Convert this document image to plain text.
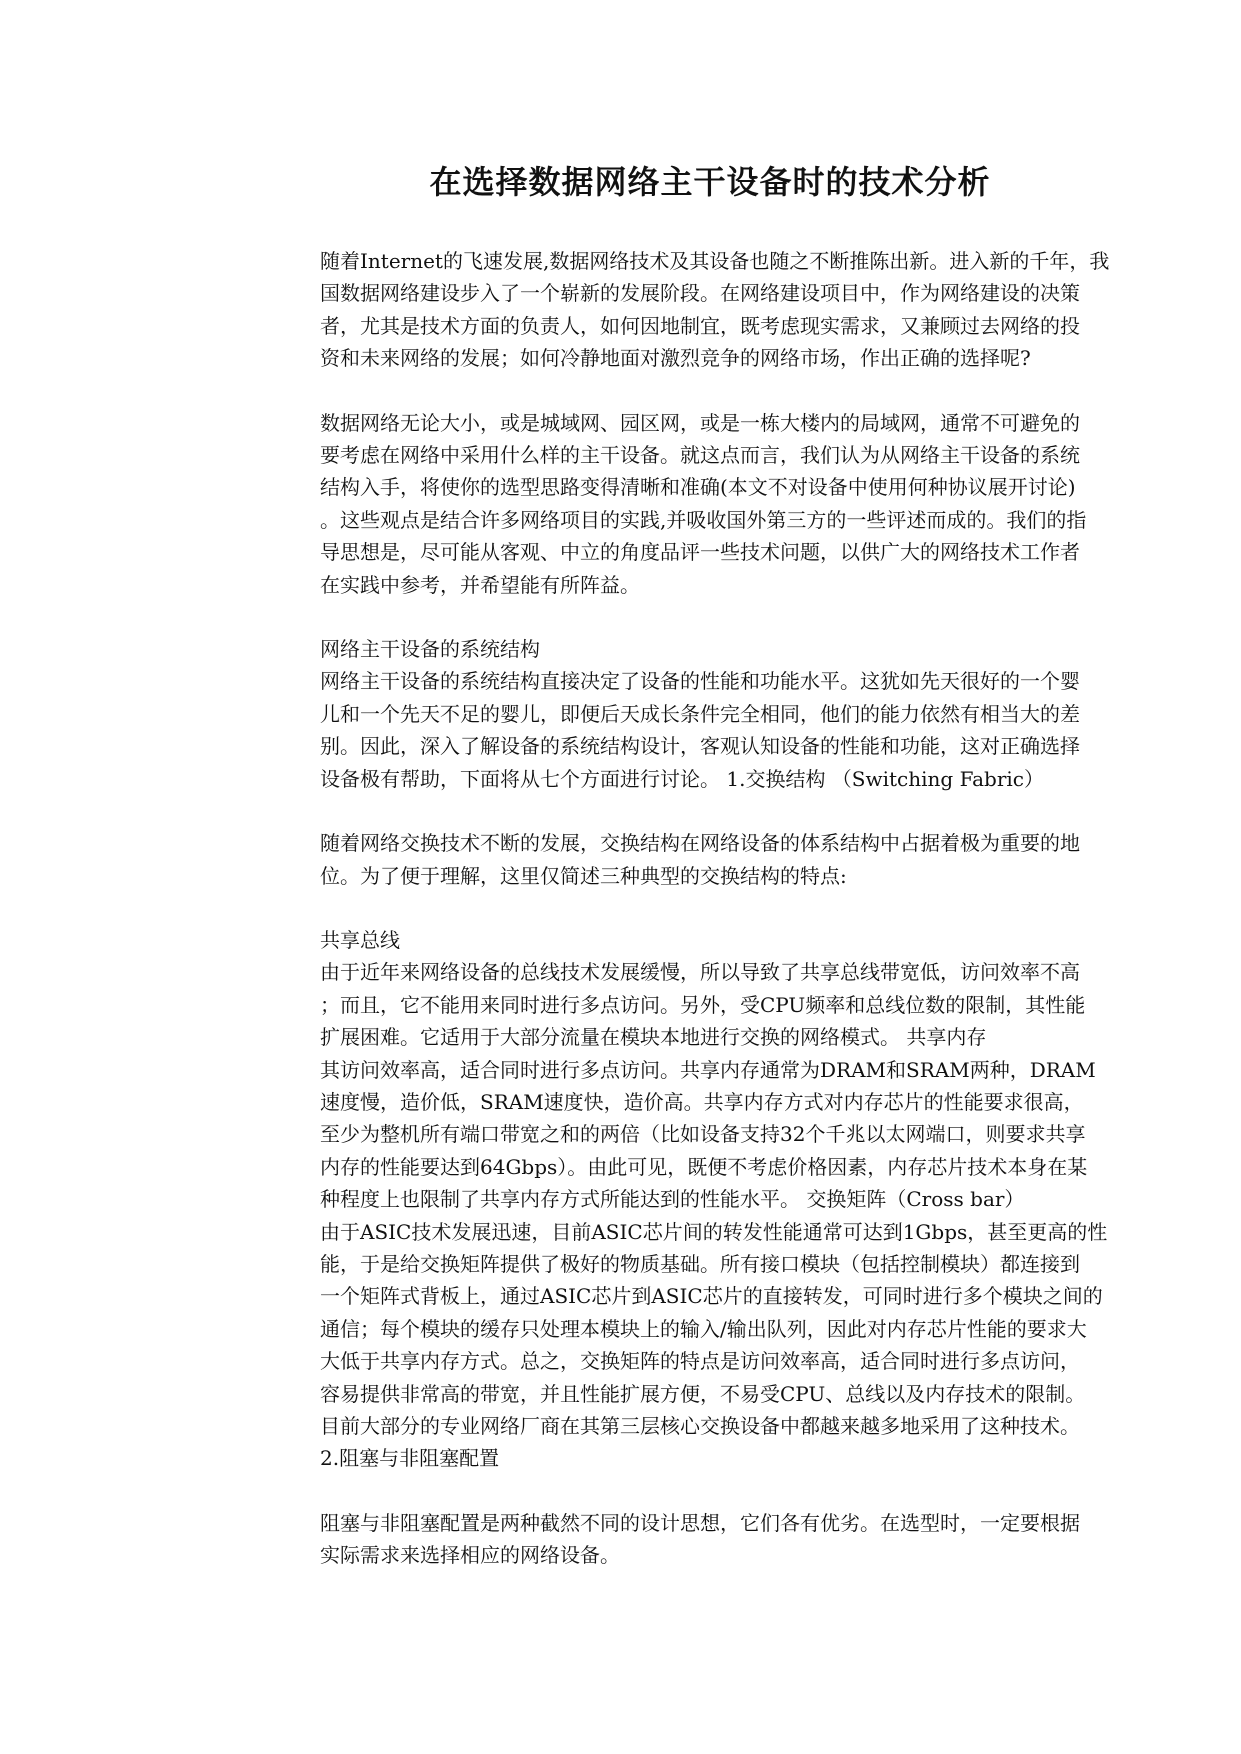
在选择数据网络主干设备时的技术分析

随着Internet的飞速发展,数据网络技术及其设备也随之不断推陈出新。进入新的千年，我
国数据网络建设步入了一个崭新的发展阶段。在网络建设项目中，作为网络建设的决策
者，尤其是技术方面的负责人，如何因地制宜，既考虑现实需求，又兼顾过去网络的投
资和未来网络的发展；如何冷静地面对激烈竞争的网络市场，作出正确的选择呢?

数据网络无论大小，或是城域网、园区网，或是一栋大楼内的局域网，通常不可避免的
要考虑在网络中采用什么样的主干设备。就这点而言，我们认为从网络主干设备的系统
结构入手，将使你的选型思路变得清晰和准确(本文不对设备中使用何种协议展开讨论)
。这些观点是结合许多网络项目的实践,并吸收国外第三方的一些评述而成的。我们的指
导思想是，尽可能从客观、中立的角度品评一些技术问题，以供广大的网络技术工作者
在实践中参考，并希望能有所阵益。

网络主干设备的系统结构
网络主干设备的系统结构直接决定了设备的性能和功能水平。这犹如先天很好的一个婴
儿和一个先天不足的婴儿，即便后天成长条件完全相同，他们的能力依然有相当大的差
别。因此，深入了解设备的系统结构设计，客观认知设备的性能和功能，这对正确选择
设备极有帮助，下面将从七个方面进行讨论。 1.交换结构 （Switching Fabric）

随着网络交换技术不断的发展，交换结构在网络设备的体系结构中占据着极为重要的地
位。为了便于理解，这里仅简述三种典型的交换结构的特点:

共享总线
由于近年来网络设备的总线技术发展缓慢，所以导致了共享总线带宽低，访问效率不高
；而且，它不能用来同时进行多点访问。另外，受CPU频率和总线位数的限制，其性能
扩展困难。它适用于大部分流量在模块本地进行交换的网络模式。 共享内存
其访问效率高，适合同时进行多点访问。共享内存通常为DRAM和SRAM两种，DRAM
速度慢，造价低，SRAM速度快，造价高。共享内存方式对内存芯片的性能要求很高，
至少为整机所有端口带宽之和的两倍（比如设备支持32个千兆以太网端口，则要求共享
内存的性能要达到64Gbps）。由此可见，既便不考虑价格因素，内存芯片技术本身在某
种程度上也限制了共享内存方式所能达到的性能水平。 交换矩阵（Cross bar）
由于ASIC技术发展迅速，目前ASIC芯片间的转发性能通常可达到1Gbps，甚至更高的性
能，于是给交换矩阵提供了极好的物质基础。所有接口模块（包括控制模块）都连接到
一个矩阵式背板上，通过ASIC芯片到ASIC芯片的直接转发，可同时进行多个模块之间的
通信；每个模块的缓存只处理本模块上的输入/输出队列，因此对内存芯片性能的要求大
大低于共享内存方式。总之，交换矩阵的特点是访问效率高，适合同时进行多点访问，
容易提供非常高的带宽，并且性能扩展方便，不易受CPU、总线以及内存技术的限制。
目前大部分的专业网络厂商在其第三层核心交换设备中都越来越多地采用了这种技术。
2.阻塞与非阻塞配置

阻塞与非阻塞配置是两种截然不同的设计思想，它们各有优劣。在选型时，一定要根据
实际需求来选择相应的网络设备。
